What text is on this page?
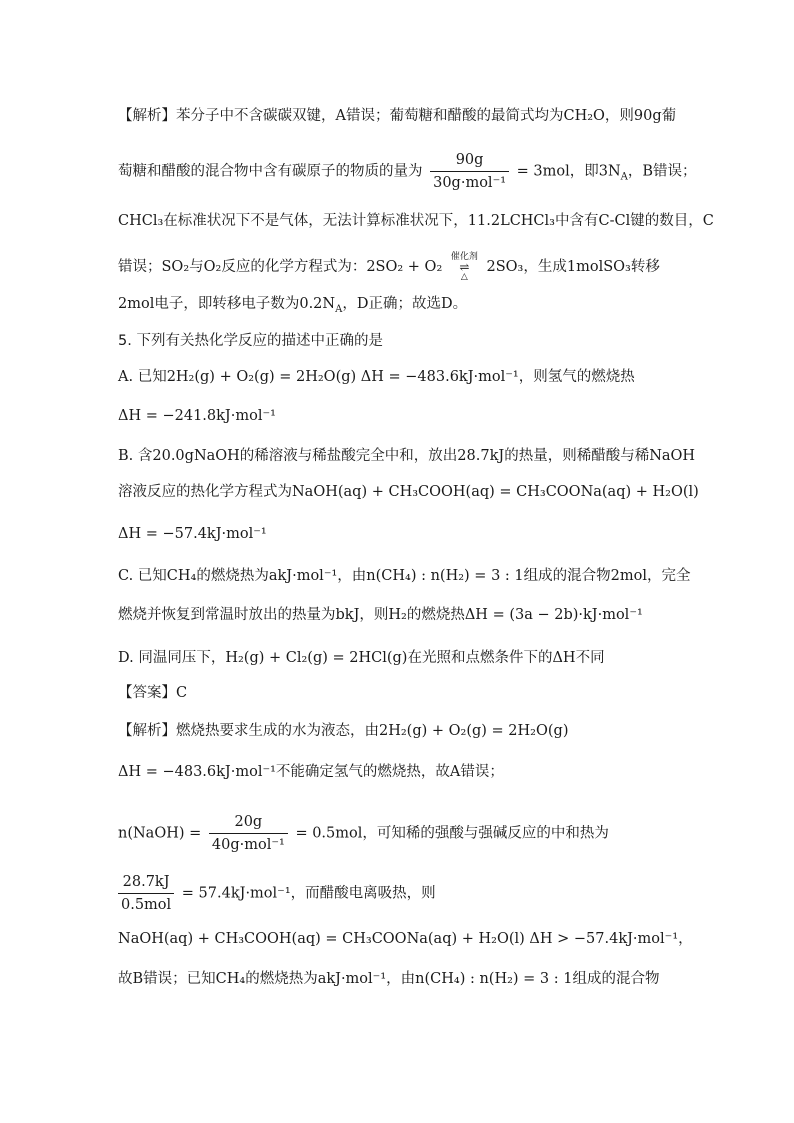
【解析】苯分子中不含碳碳双键，A错误；葡萄糖和醋酸的最简式均为CH₂O，则90g葡
萄糖和醋酸的混合物中含有碳原子的物质的量为 $\frac{90g}{\text{30g·mol⁻¹}} = 3mol$，即$3N_A$，B错误；
CHCl₃在标准状况下不是气体，无法计算标准状况下，11.2LCHCl₃中含有C-Cl键的数目，C
错误；SO₂与O₂反应的化学方程式为：2SO₂ + O₂
催化剂
⇌
△
2SO₃，生成1molSO₃转移
2mol电子，即转移电子数为$0.2N_A$，D正确；故选D。
5. 下列有关热化学反应的描述中正确的是
A. 已知2H₂(g) + O₂(g) = 2H₂O(g) ΔH = −483.6kJ·mol⁻¹，则氢气的燃烧热
ΔH = −241.8kJ·mol⁻¹
B. 含20.0gNaOH的稀溶液与稀盐酸完全中和，放出28.7kJ的热量，则稀醋酸与稀NaOH
溶液反应的热化学方程式为NaOH(aq) + CH₃COOH(aq) = CH₃COONa(aq) + H₂O(l)
ΔH = −57.4kJ·mol⁻¹
C. 已知CH₄的燃烧热为akJ·mol⁻¹，由n(CH₄) : n(H₂) = 3 : 1组成的混合物2mol，完全
燃烧并恢复到常温时放出的热量为bkJ，则H₂的燃烧热ΔH = (3a − 2b)·kJ·mol⁻¹
D. 同温同压下，H₂(g) + Cl₂(g) = 2HCl(g)在光照和点燃条件下的ΔH不同
【答案】C
【解析】燃烧热要求生成的水为液态，由2H₂(g) + O₂(g) = 2H₂O(g)
ΔH = −483.6kJ·mol⁻¹不能确定氢气的燃烧热，故A错误；
n(NaOH) = $\frac{20g}{\text{40g·mol⁻¹}} = 0.5mol$，可知稀的强酸与强碱反应的中和热为
$\frac{28.7kJ}{\text{0.5mol}} = 57.4kJ\cdot mol^{-1}$，而醋酸电离吸热，则
NaOH(aq) + CH₃COOH(aq) = CH₃COONa(aq) + H₂O(l) ΔH > −57.4kJ·mol⁻¹，
故B错误；已知CH₄的燃烧热为akJ·mol⁻¹，由n(CH₄) : n(H₂) = 3 : 1组成的混合物
